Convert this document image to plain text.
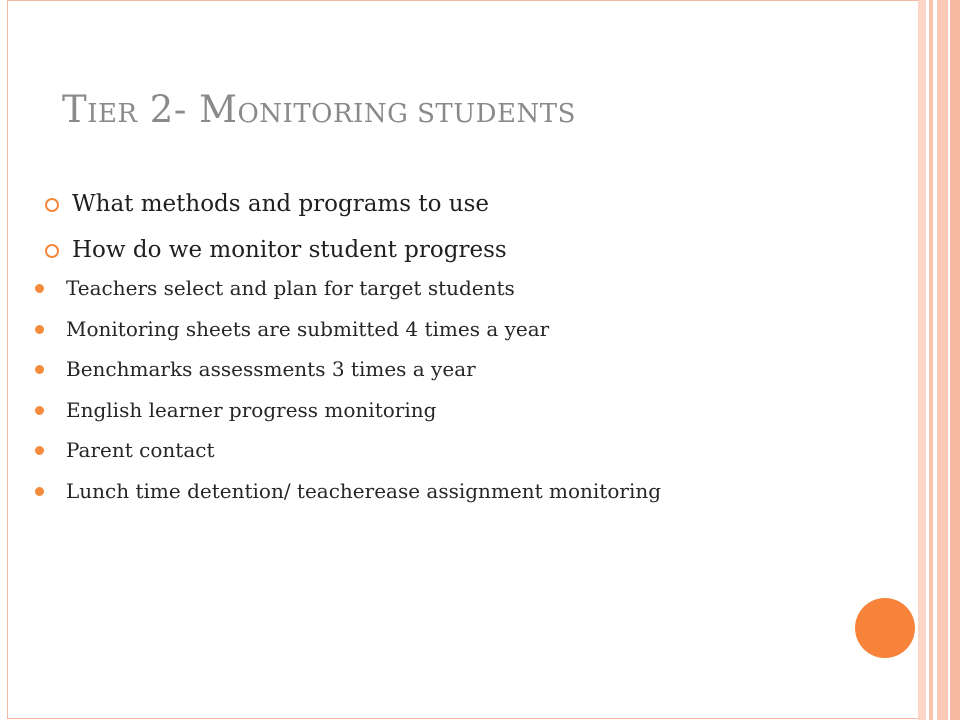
TIER 2- MONITORING STUDENTS
What methods and programs to use
How do we monitor student progress
Teachers select and plan for target students
Monitoring sheets are submitted 4 times a year
Benchmarks assessments 3 times a year
English learner progress monitoring
Parent contact
Lunch time detention/ teacherease assignment monitoring
